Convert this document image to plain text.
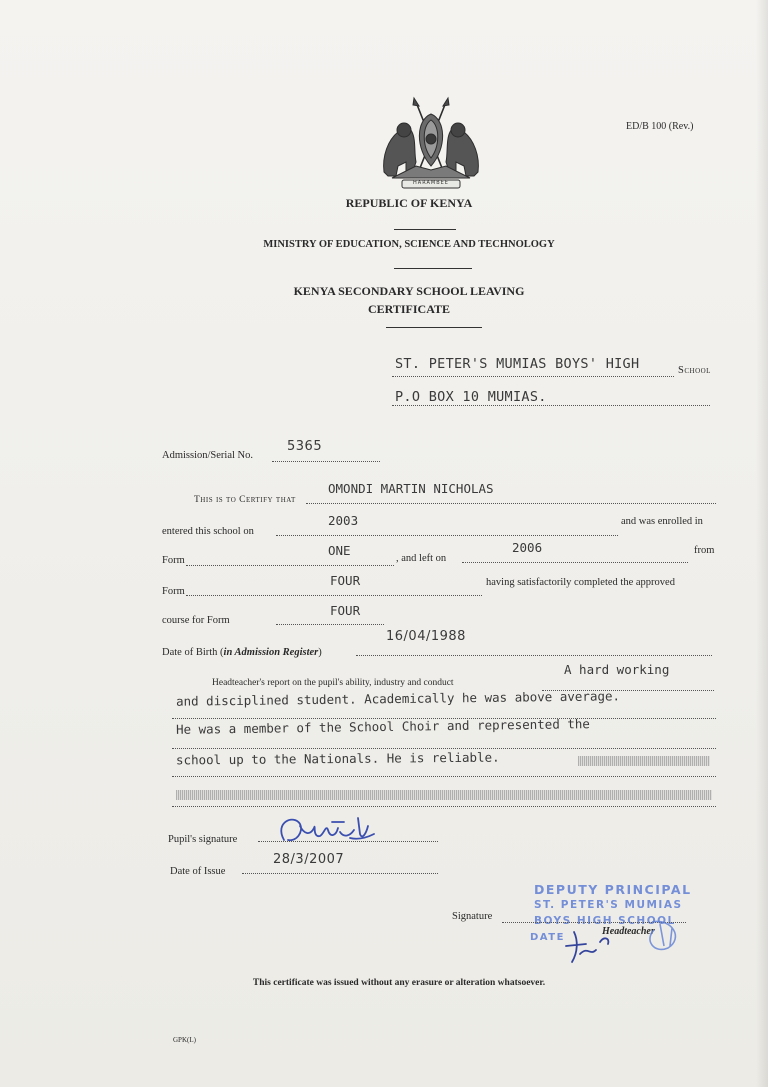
ED/B 100 (Rev.)
HARAMBEE
REPUBLIC OF KENYA
MINISTRY OF EDUCATION, SCIENCE AND TECHNOLOGY
KENYA SECONDARY SCHOOL LEAVING
CERTIFICATE
ST. PETER'S MUMIAS BOYS' HIGH	School
P.O BOX 10 MUMIAS.
Admission/Serial No.
5365
This is to Certify that
OMONDI MARTIN NICHOLAS
entered this school on
2003	and was enrolled in
Form
ONE
, and left on
2006	from
Form
FOUR	having satisfactorily completed the approved
course for Form
FOUR
Date of Birth (in Admission Register)
16/04/1988
Headteacher's report on the pupil's ability, industry and conduct
A hard working
and disciplined student. Academically he was above average.
He was a member of the School Choir and represented the
school up to the Nationals. He is reliable.
Pupil's signature
Date of Issue
28/3/2007
DEPUTY PRINCIPAL
ST. PETER'S MUMIAS
BOYS HIGH SCHOOL
DATE
Signature
Headteacher
This certificate was issued without any erasure or alteration whatsoever.
GPK(L)
